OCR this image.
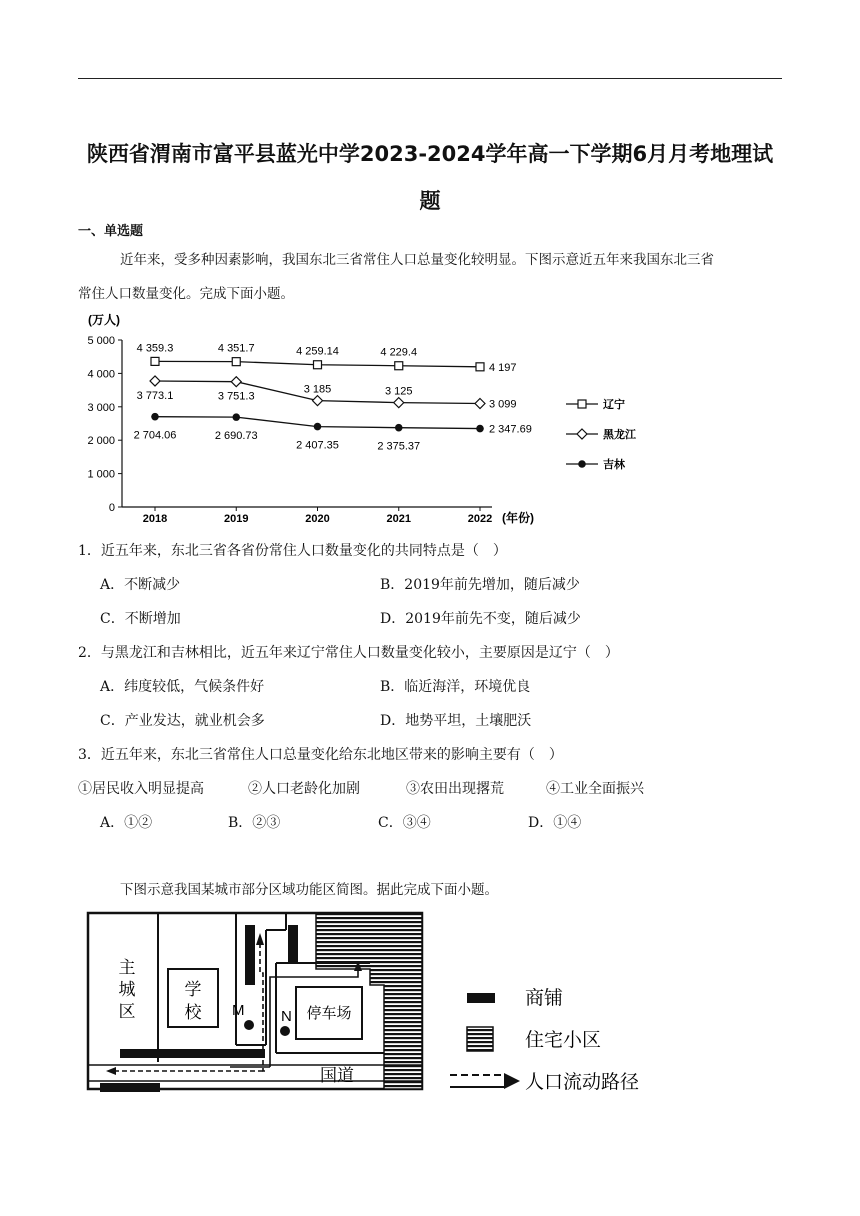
陕西省渭南市富平县蓝光中学2023-2024学年高一下学期6月月考地理试
题
一、单选题
近年来，受多种因素影响，我国东北三省常住人口总量变化较明显。下图示意近五年来我国东北三省
常住人口数量变化。完成下面小题。
(万人)
(年份)
0
1 000
2 000
3 000
4 000
5 000
2018	2019	2020	2021	2022
4 359.3	4 351.7	4 259.14	4 229.4
4 197
3 773.1	3 751.3
3 185	3 125
3 099
2 704.06	2 690.73
2 407.35	2 375.37
2 347.69
辽宁
黑龙江
吉林
1．近五年来，东北三省各省份常住人口数量变化的共同特点是（　）
A．不断减少	B．2019年前先增加，随后减少
C．不断增加	D．2019年前先不变，随后减少
2．与黑龙江和吉林相比，近五年来辽宁常住人口数量变化较小，主要原因是辽宁（　）
A．纬度较低，气候条件好	B．临近海洋，环境优良
C．产业发达，就业机会多	D．地势平坦，土壤肥沃
3．近五年来，东北三省常住人口总量变化给东北地区带来的影响主要有（　）
①居民收入明显提高	②人口老龄化加剧	③农田出现撂荒	④工业全面振兴
A．①②	B．②③	C．③④	D．①④
下图示意我国某城市部分区域功能区简图。据此完成下面小题。
主
城
区
学
校	停车场
M N
国道
商铺
住宅小区
人口流动路径
